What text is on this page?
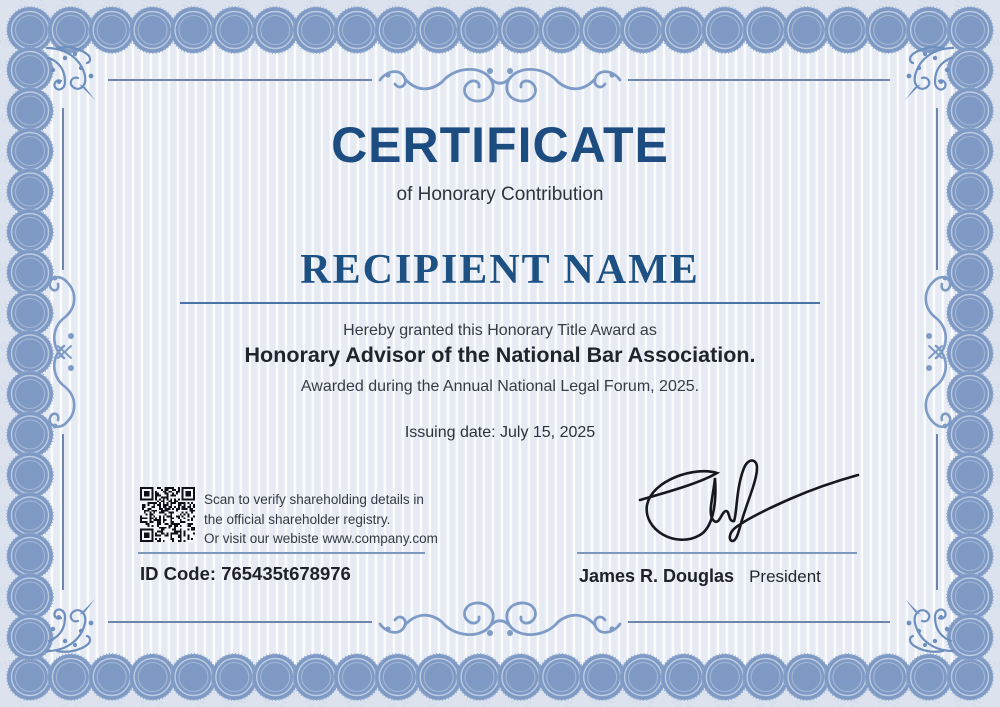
CERTIFICATE
of Honorary Contribution
RECIPIENT NAME
Hereby granted this Honorary Title Award as
Honorary Advisor of the National Bar Association.
Awarded during the Annual National Legal Forum, 2025.
Issuing date: July 15, 2025
Scan to verify shareholding details in
the official shareholder registry.
Or visit our webiste www.company.com
ID Code: 765435t678976	James R. Douglas President
